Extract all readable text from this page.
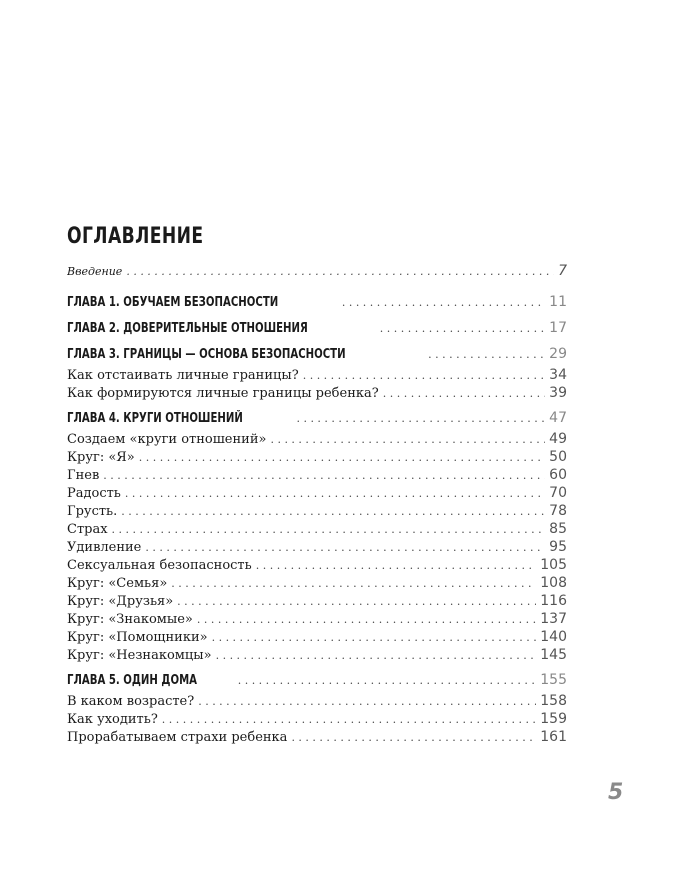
ОГЛАВЛЕНИЕ
Введение . . .	7
ГЛАВА 1. ОБУЧАЕМ БЕЗОПАСНОСТИ . . .	11
ГЛАВА 2. ДОВЕРИТЕЛЬНЫЕ ОТНОШЕНИЯ . . .	17
ГЛАВА 3. ГРАНИЦЫ — ОСНОВА БЕЗОПАСНОСТИ . . .	29
Как отстаивать личные границы? . . .	34
Как формируются личные границы ребенка? . . .	39
ГЛАВА 4. КРУГИ ОТНОШЕНИЙ . . .	47
Создаем «круги отношений» . . .	49
Круг: «Я» . . .	50
Гнев . . .	60
Радость . . .	70
Грусть. . . .	78
Страх . . .	85
Удивление . . .	95
Сексуальная безопасность . . .	105
Круг: «Семья» . . .	108
Круг: «Друзья» . . .	116
Круг: «Знакомые» . . .	137
Круг: «Помощники» . . .	140
Круг: «Незнакомцы» . . .	145
ГЛАВА 5. ОДИН ДОМА . . .	155
В каком возрасте? . . .	158
Как уходить? . . .	159
Прорабатываем страхи ребенка . . .	161
5
